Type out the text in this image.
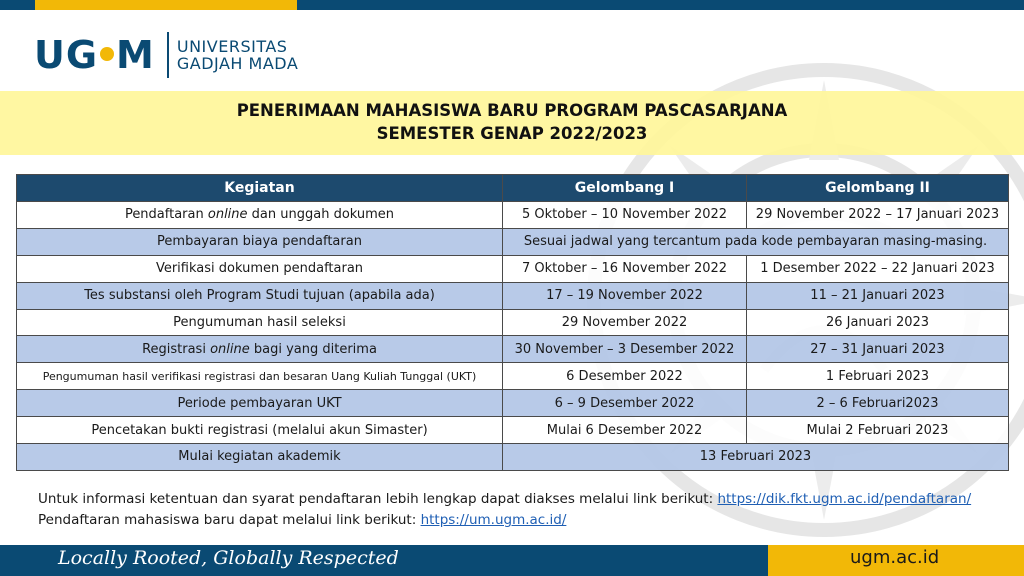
UG M UNIVERSITAS
GADJAH MADA
PENERIMAAN MAHASISWA BARU PROGRAM PASCASARJANA
SEMESTER GENAP 2022/2023
Kegiatan	Gelombang I	Gelombang II
Pendaftaran online dan unggah dokumen	5 Oktober – 10 November 2022	29 November 2022 – 17 Januari 2023
Pembayaran biaya pendaftaran	Sesuai jadwal yang tercantum pada kode pembayaran masing-masing.	
Verifikasi dokumen pendaftaran	7 Oktober – 16 November 2022	1 Desember 2022 – 22 Januari 2023
Tes substansi oleh Program Studi tujuan (apabila ada)	17 – 19 November 2022	11 – 21 Januari 2023
Pengumuman hasil seleksi	29 November 2022	26 Januari 2023
Registrasi online bagi yang diterima	30 November – 3 Desember 2022	27 – 31 Januari 2023
Pengumuman hasil verifikasi registrasi dan besaran Uang Kuliah Tunggal (UKT)	6 Desember 2022	1 Februari 2023
Periode pembayaran UKT	6 – 9 Desember 2022	2 – 6 Februari2023
Pencetakan bukti registrasi (melalui akun Simaster)	Mulai 6 Desember 2022	Mulai 2 Februari 2023
Mulai kegiatan akademik	13 Februari 2023	
Untuk informasi ketentuan dan syarat pendaftaran lebih lengkap dapat diakses melalui link berikut: https://dik.fkt.ugm.ac.id/pendaftaran/
Pendaftaran mahasiswa baru dapat melalui link berikut: https://um.ugm.ac.id/
Locally Rooted, Globally Respected	ugm.ac.id
